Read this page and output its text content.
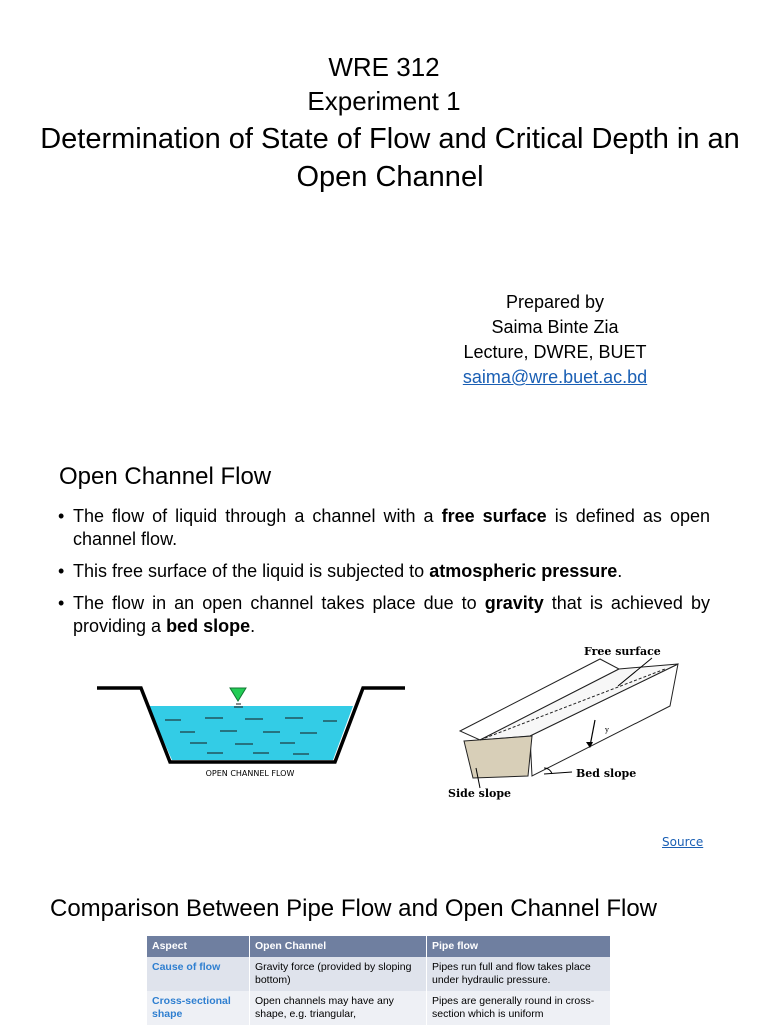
WRE 312
Experiment 1
Determination of State of Flow and Critical Depth in an Open Channel
Prepared by
Saima Binte Zia
Lecture, DWRE, BUET
saima@wre.buet.ac.bd
Open Channel Flow
• The flow of liquid through a channel with a free surface is defined as open channel flow.
• This free surface of the liquid is subjected to atmospheric pressure.
• The flow in an open channel takes place due to gravity that is achieved by providing a bed slope.
OPEN CHANNEL FLOW
Free surface
Bed slope
Side slope
y
Source
Comparison Between Pipe Flow and Open Channel Flow
Aspect	Open Channel	Pipe flow
Cause of flow	Gravity force (provided by sloping bottom)	Pipes run full and flow takes place under hydraulic pressure.
Cross-sectional shape	Open channels may have any shape, e.g. triangular,	Pipes are generally round in cross-section which is uniform
